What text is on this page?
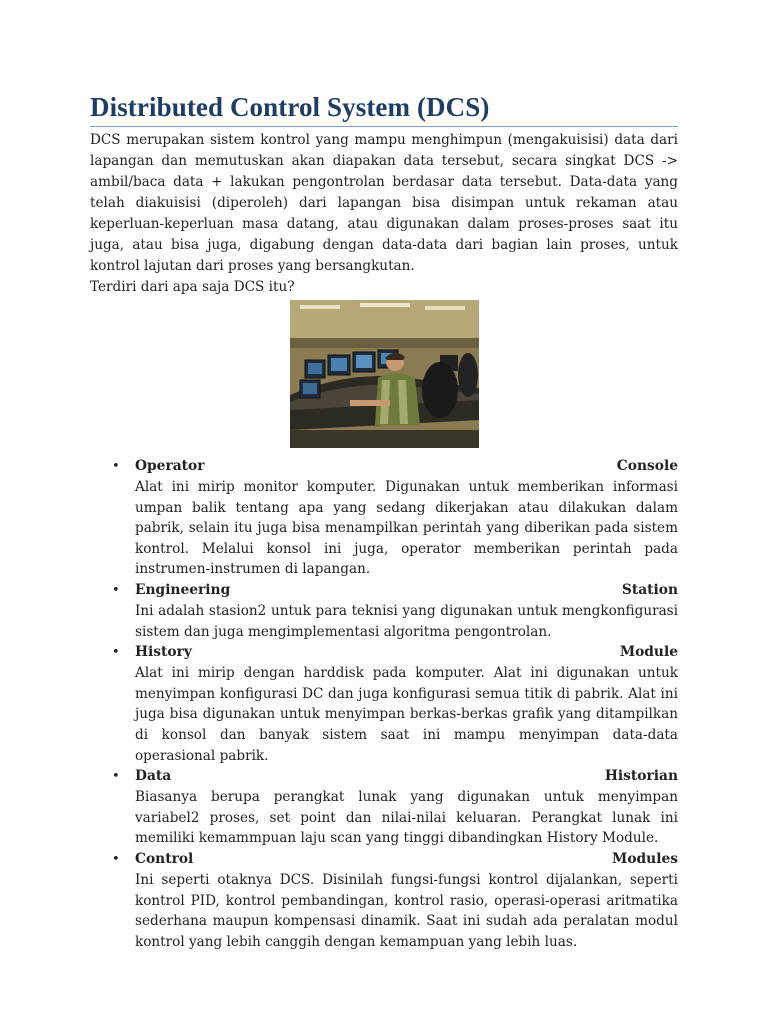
Distributed Control System (DCS)

DCS merupakan sistem kontrol yang mampu menghimpun (mengakuisisi) data dari lapangan dan memutuskan akan diapakan data tersebut, secara singkat DCS -> ambil/baca data + lakukan pengontrolan berdasar data tersebut. Data-data yang telah diakuisisi (diperoleh) dari lapangan bisa disimpan untuk rekaman atau keperluan-keperluan masa datang, atau digunakan dalam proses-proses saat itu juga, atau bisa juga, digabung dengan data-data dari bagian lain proses, untuk kontrol lajutan dari proses yang bersangkutan.

Terdiri dari apa saja DCS itu?

• Operator	Console
Alat ini mirip monitor komputer. Digunakan untuk memberikan informasi umpan balik tentang apa yang sedang dikerjakan atau dilakukan dalam pabrik, selain itu juga bisa menampilkan perintah yang diberikan pada sistem kontrol. Melalui konsol ini juga, operator memberikan perintah pada instrumen-instrumen di lapangan.
• Engineering	Station
Ini adalah stasion2 untuk para teknisi yang digunakan untuk mengkonfigurasi sistem dan juga mengimplementasi algoritma pengontrolan.
• History	Module
Alat ini mirip dengan harddisk pada komputer. Alat ini digunakan untuk menyimpan konfigurasi DC dan juga konfigurasi semua titik di pabrik. Alat ini juga bisa digunakan untuk menyimpan berkas-berkas grafik yang ditampilkan di konsol dan banyak sistem saat ini mampu menyimpan data-data operasional pabrik.
• Data	Historian
Biasanya berupa perangkat lunak yang digunakan untuk menyimpan variabel2 proses, set point dan nilai-nilai keluaran. Perangkat lunak ini memiliki kemammpuan laju scan yang tinggi dibandingkan History Module.
• Control	Modules
Ini seperti otaknya DCS. Disinilah fungsi-fungsi kontrol dijalankan, seperti kontrol PID, kontrol pembandingan, kontrol rasio, operasi-operasi aritmatika sederhana maupun kompensasi dinamik. Saat ini sudah ada peralatan modul kontrol yang lebih canggih dengan kemampuan yang lebih luas.
